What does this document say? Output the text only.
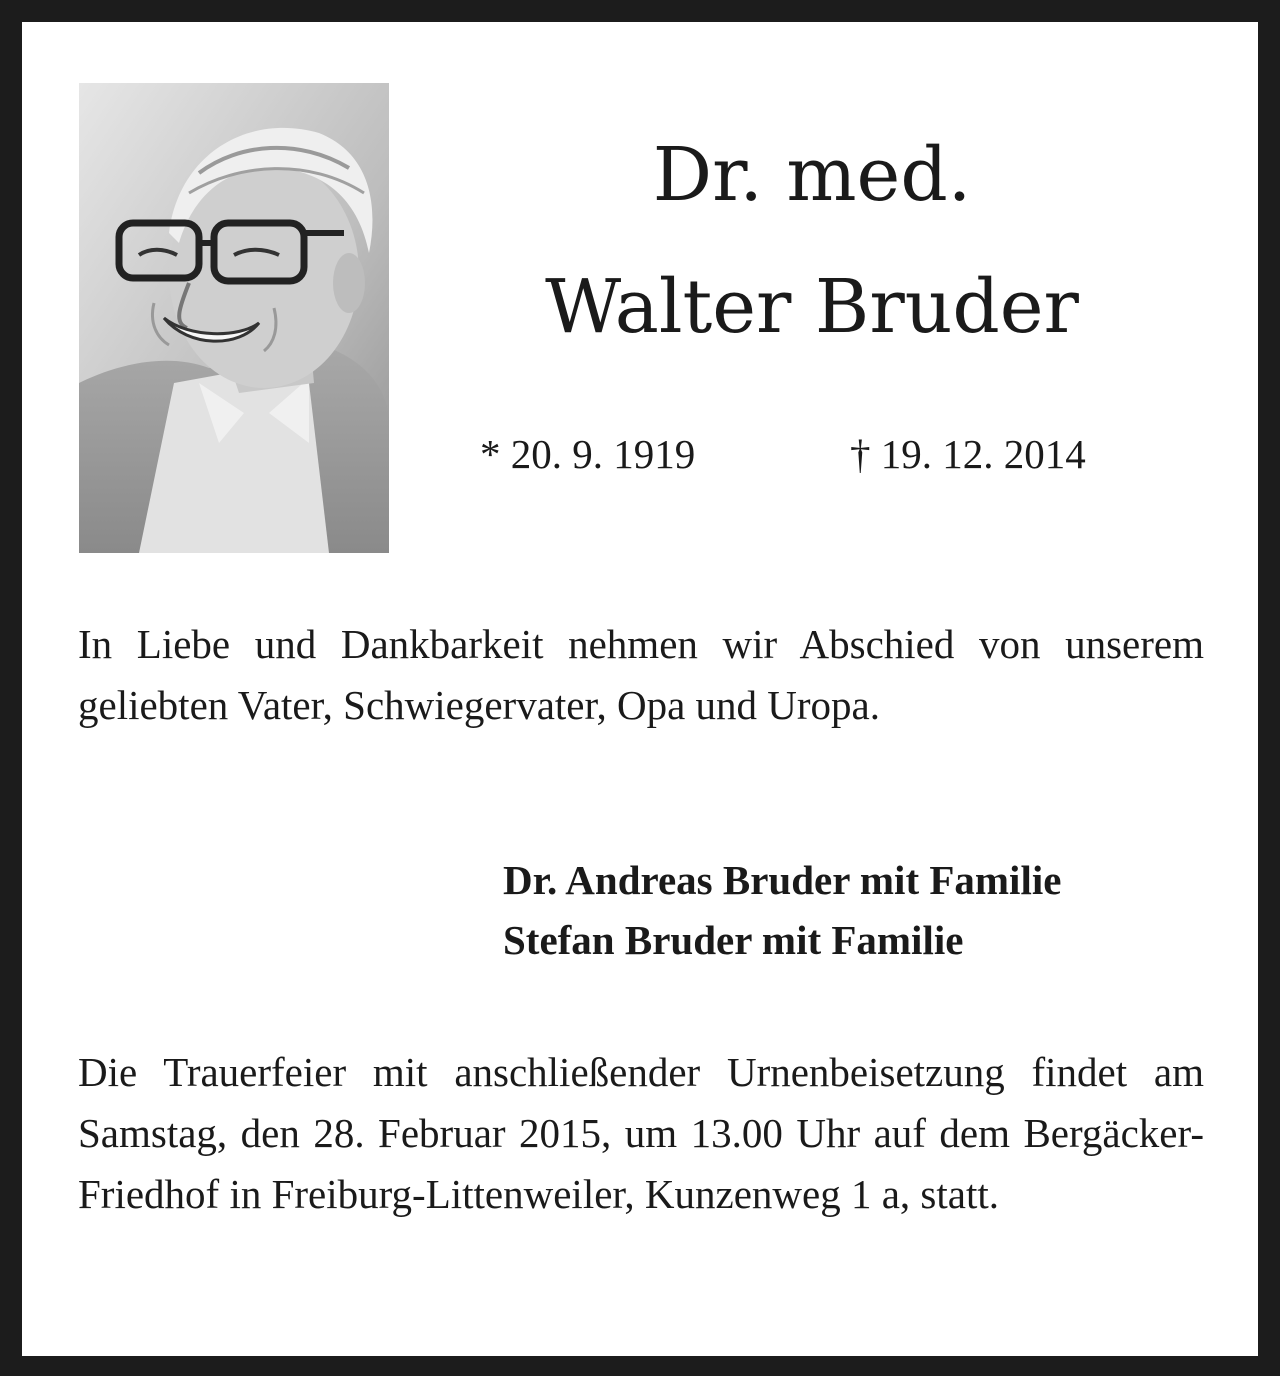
Dr. med.
Walter Bruder
* 20. 9. 1919	† 19. 12. 2014
In Liebe und Dankbarkeit nehmen wir Abschied von unserem geliebten Vater, Schwiegervater, Opa und Uropa.
Dr. Andreas Bruder mit Familie
Stefan Bruder mit Familie
Die Trauerfeier mit anschließender Urnenbeisetzung findet am Samstag, den 28. Februar 2015, um 13.00 Uhr auf dem Bergäcker-Friedhof in Freiburg-Littenweiler, Kunzenweg 1 a, statt.
